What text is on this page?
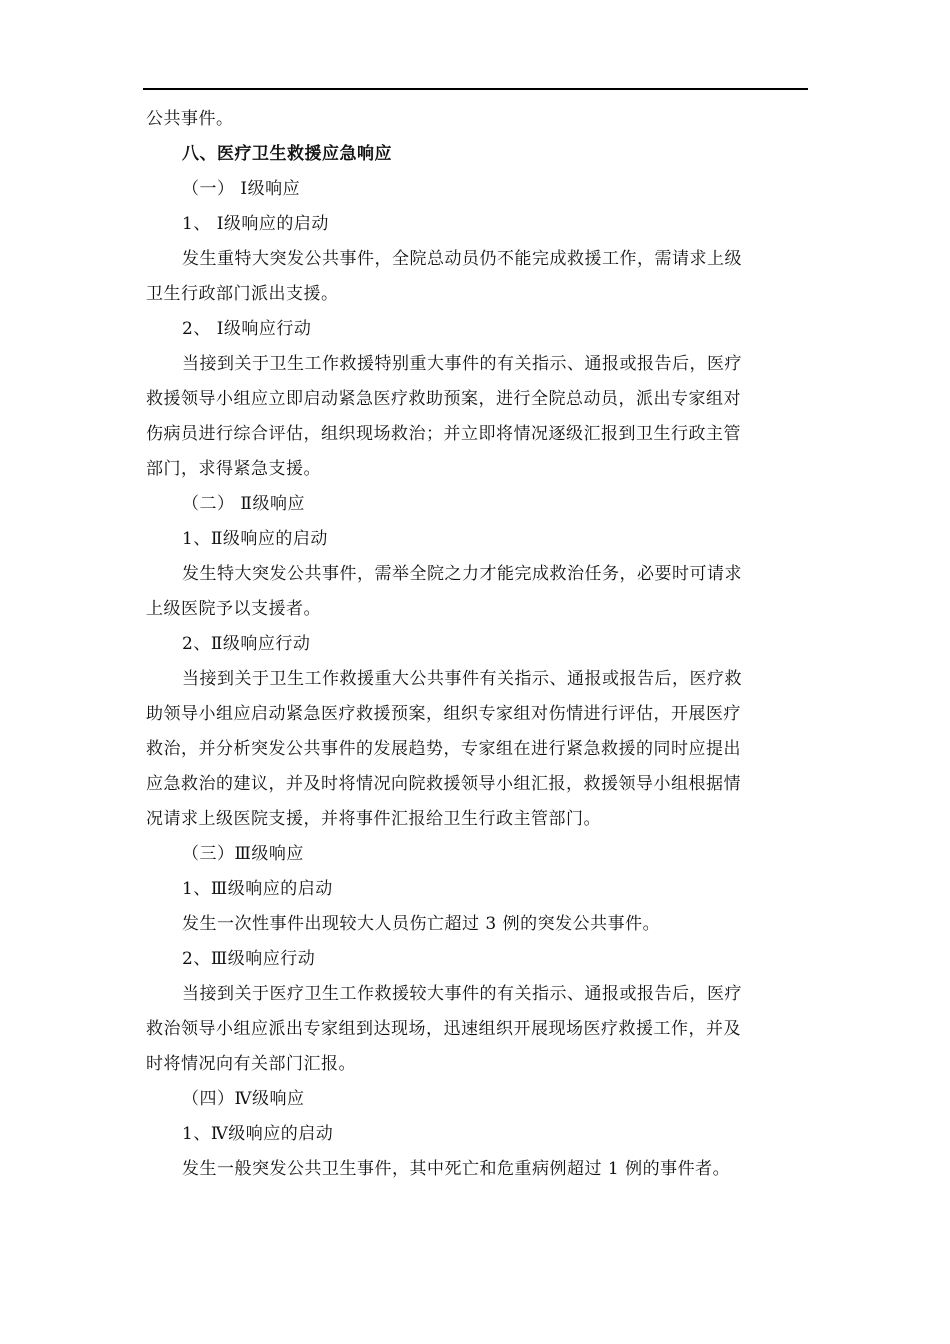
公共事件。
八、医疗卫生救援应急响应
（一） Ⅰ级响应
1、 Ⅰ级响应的启动
发生重特大突发公共事件，全院总动员仍不能完成救援工作，需请求上级
卫生行政部门派出支援。
2、 Ⅰ级响应行动
当接到关于卫生工作救援特别重大事件的有关指示、通报或报告后，医疗
救援领导小组应立即启动紧急医疗救助预案，进行全院总动员，派出专家组对
伤病员进行综合评估，组织现场救治；并立即将情况逐级汇报到卫生行政主管
部门，求得紧急支援。
（二） Ⅱ级响应
1、Ⅱ级响应的启动
发生特大突发公共事件，需举全院之力才能完成救治任务，必要时可请求
上级医院予以支援者。
2、Ⅱ级响应行动
当接到关于卫生工作救援重大公共事件有关指示、通报或报告后，医疗救
助领导小组应启动紧急医疗救援预案，组织专家组对伤情进行评估，开展医疗
救治，并分析突发公共事件的发展趋势，专家组在进行紧急救援的同时应提出
应急救治的建议，并及时将情况向院救援领导小组汇报，救援领导小组根据情
况请求上级医院支援，并将事件汇报给卫生行政主管部门。
（三）Ⅲ级响应
1、Ⅲ级响应的启动
发生一次性事件出现较大人员伤亡超过 3 例的突发公共事件。
2、Ⅲ级响应行动
当接到关于医疗卫生工作救援较大事件的有关指示、通报或报告后，医疗
救治领导小组应派出专家组到达现场，迅速组织开展现场医疗救援工作，并及
时将情况向有关部门汇报。
（四）Ⅳ级响应
1、Ⅳ级响应的启动
发生一般突发公共卫生事件，其中死亡和危重病例超过 1 例的事件者。
